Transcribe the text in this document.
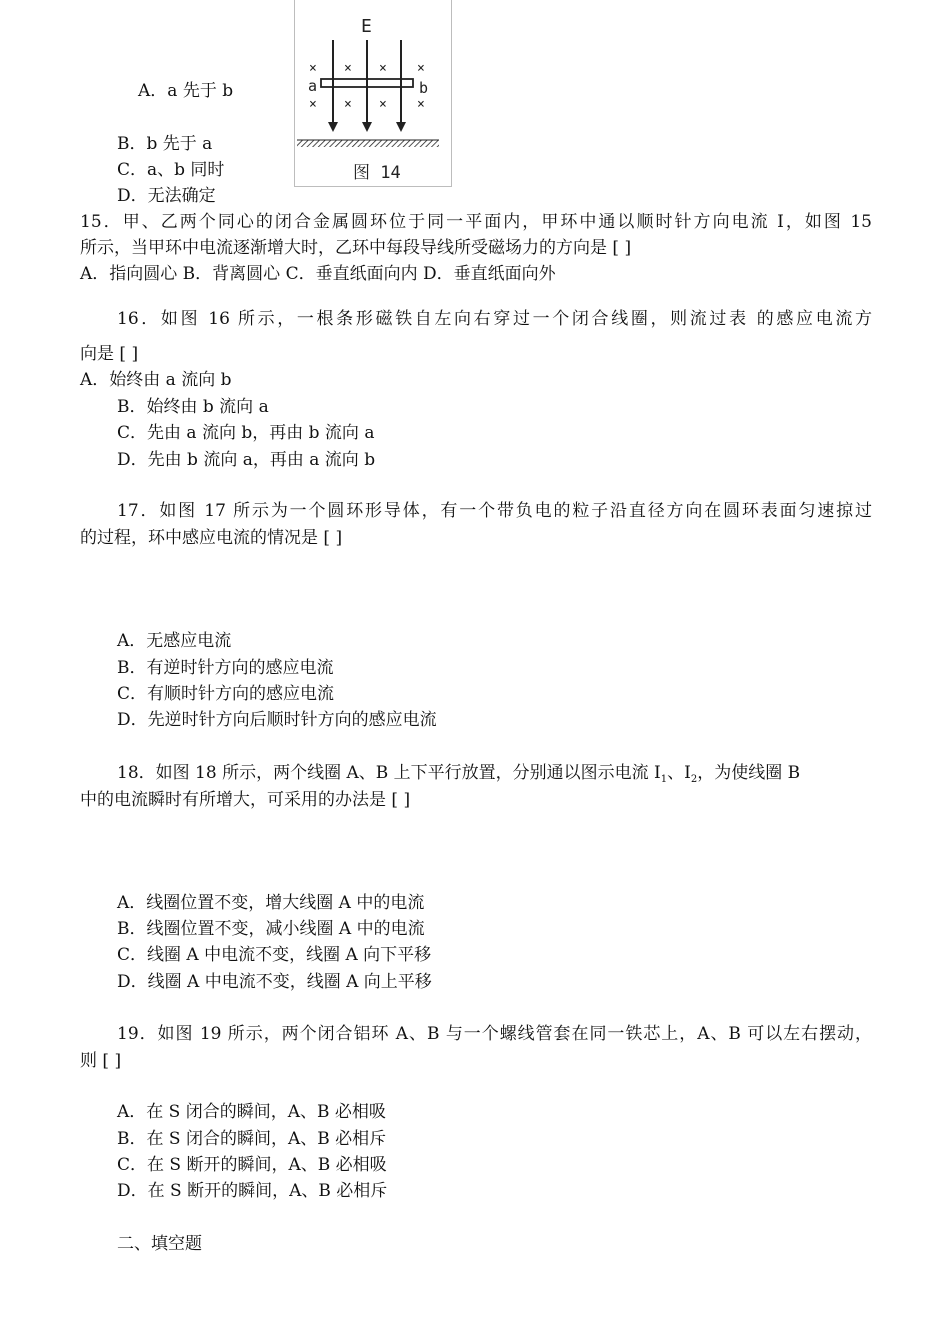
A．a 先于 b
B．b 先于 a
C．a、b 同时
D．无法确定
E
a	b
× × × ×
× × × ×
图 14
15．甲、乙两个同心的闭合金属圆环位于同一平面内，甲环中通以顺时针方向电流 I，如图 15
所示，当甲环中电流逐渐增大时，乙环中每段导线所受磁场力的方向是 [ ]
A．指向圆心 B．背离圆心 C．垂直纸面向内 D．垂直纸面向外
16．如图 16 所示，一根条形磁铁自左向右穿过一个闭合线圈，则流过表 的感应电流方
向是 [ ]
A．始终由 a 流向 b
B．始终由 b 流向 a
C．先由 a 流向 b，再由 b 流向 a
D．先由 b 流向 a，再由 a 流向 b
17．如图 17 所示为一个圆环形导体，有一个带负电的粒子沿直径方向在圆环表面匀速掠过
的过程，环中感应电流的情况是 [ ]
A．无感应电流
B．有逆时针方向的感应电流
C．有顺时针方向的感应电流
D．先逆时针方向后顺时针方向的感应电流
18．如图 18 所示，两个线圈 A、B 上下平行放置，分别通以图示电流 $I_1$、$I_2$，为使线圈 B
中的电流瞬时有所增大，可采用的办法是 [ ]
A．线圈位置不变，增大线圈 A 中的电流
B．线圈位置不变，减小线圈 A 中的电流
C．线圈 A 中电流不变，线圈 A 向下平移
D．线圈 A 中电流不变，线圈 A 向上平移
19．如图 19 所示，两个闭合铝环 A、B 与一个螺线管套在同一铁芯上，A、B 可以左右摆动，
则 [ ]
A．在 S 闭合的瞬间，A、B 必相吸
B．在 S 闭合的瞬间，A、B 必相斥
C．在 S 断开的瞬间，A、B 必相吸
D．在 S 断开的瞬间，A、B 必相斥
二、填空题
